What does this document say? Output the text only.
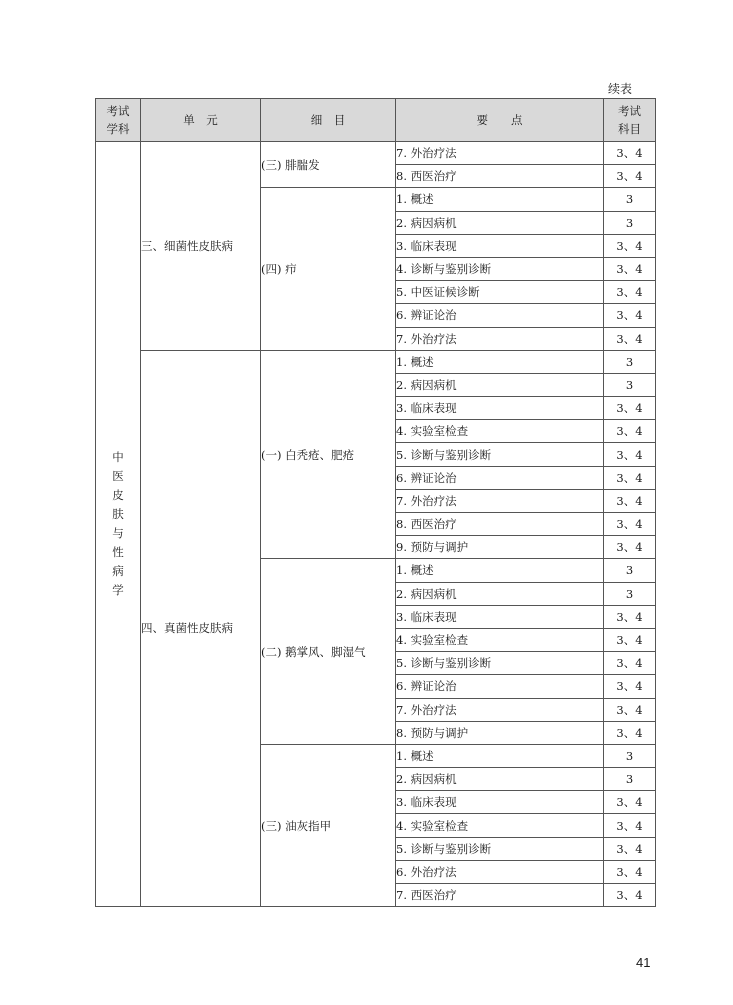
续表
考试学科	单　元	细　目	要　　点	考试科目
中医皮肤与性病学	三、细菌性皮肤病	(三) 腓腨发	7. 外治疗法	3、4
			8. 西医治疗	3、4
		(四) 疖	1. 概述	3
			2. 病因病机	3
			3. 临床表现	3、4
			4. 诊断与鉴别诊断	3、4
			5. 中医证候诊断	3、4
			6. 辨证论治	3、4
			7. 外治疗法	3、4
	四、真菌性皮肤病	(一) 白秃疮、肥疮	1. 概述	3
			2. 病因病机	3
			3. 临床表现	3、4
			4. 实验室检查	3、4
			5. 诊断与鉴别诊断	3、4
			6. 辨证论治	3、4
			7. 外治疗法	3、4
			8. 西医治疗	3、4
			9. 预防与调护	3、4
		(二) 鹅掌风、脚湿气	1. 概述	3
			2. 病因病机	3
			3. 临床表现	3、4
			4. 实验室检查	3、4
			5. 诊断与鉴别诊断	3、4
			6. 辨证论治	3、4
			7. 外治疗法	3、4
			8. 预防与调护	3、4
		(三) 油灰指甲	1. 概述	3
			2. 病因病机	3
			3. 临床表现	3、4
			4. 实验室检查	3、4
			5. 诊断与鉴别诊断	3、4
			6. 外治疗法	3、4
			7. 西医治疗	3、4
41
